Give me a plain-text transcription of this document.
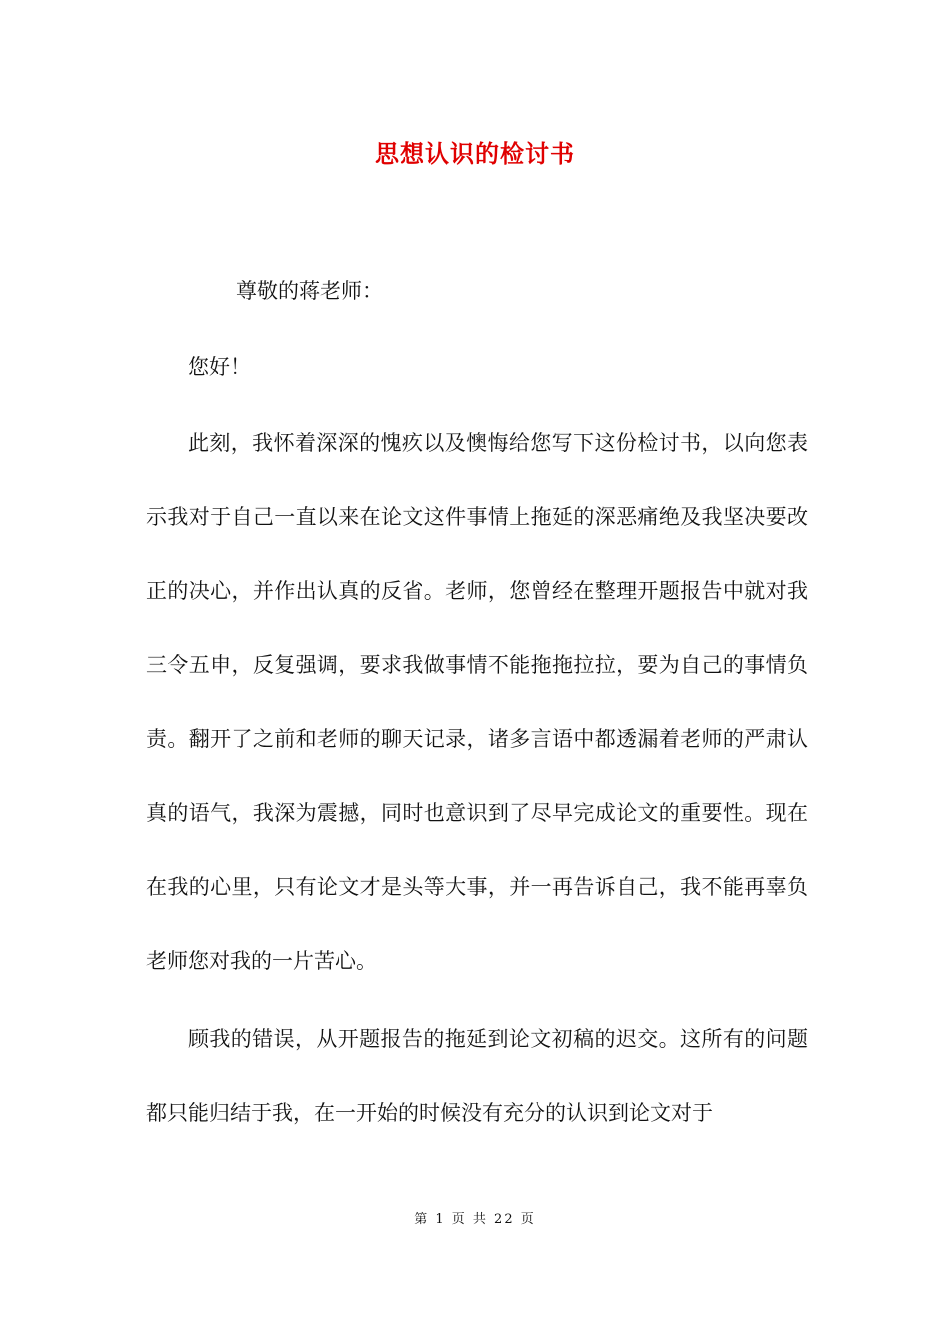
思想认识的检讨书

尊敬的蒋老师：

您好！

此刻，我怀着深深的愧疚以及懊悔给您写下这份检讨书，以向您表示我对于自己一直以来在论文这件事情上拖延的深恶痛绝及我坚决要改正的决心，并作出认真的反省。老师，您曾经在整理开题报告中就对我三令五申，反复强调，要求我做事情不能拖拖拉拉，要为自己的事情负责。翻开了之前和老师的聊天记录，诸多言语中都透漏着老师的严肃认真的语气，我深为震撼，同时也意识到了尽早完成论文的重要性。现在在我的心里，只有论文才是头等大事，并一再告诉自己，我不能再辜负老师您对我的一片苦心。

顾我的错误，从开题报告的拖延到论文初稿的迟交。这所有的问题都只能归结于我，在一开始的时候没有充分的认识到论文对于

第 1 页 共 22 页
